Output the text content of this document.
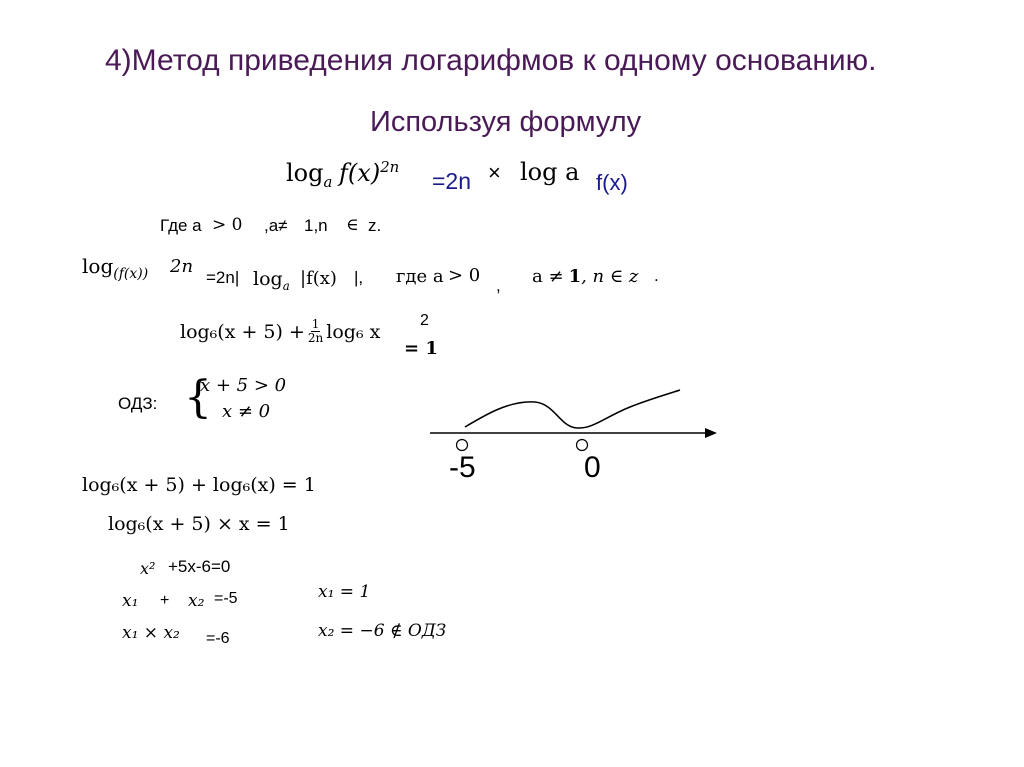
4)Метод приведения логарифмов к одному основанию.
Используя формулу
$\log_a f(x)^{2n}$
=2n × log a f(x)
Где а > 0 ,а≠ 1,n ∈ z.
$\log_{(f(x))} 2n$
=2n| $\log_a |f(x)$ |, где a > 0 , a ≠ 1, n ∈ z .
$\log_6(x + 5) + \frac{1}{2n} \log_6$ x 2
= 1
ОДЗ: {
x + 5 > 0
x ≠ 0
-5	0
log₆(x + 5) + log₆(x) = 1
log₆(x + 5) × x = 1
x² +5x-6=0
x₁ + x₂ =-5
x₁ × x₂ =-6
x₁ = 1
x₂ = −6 ∉ ОДЗ
